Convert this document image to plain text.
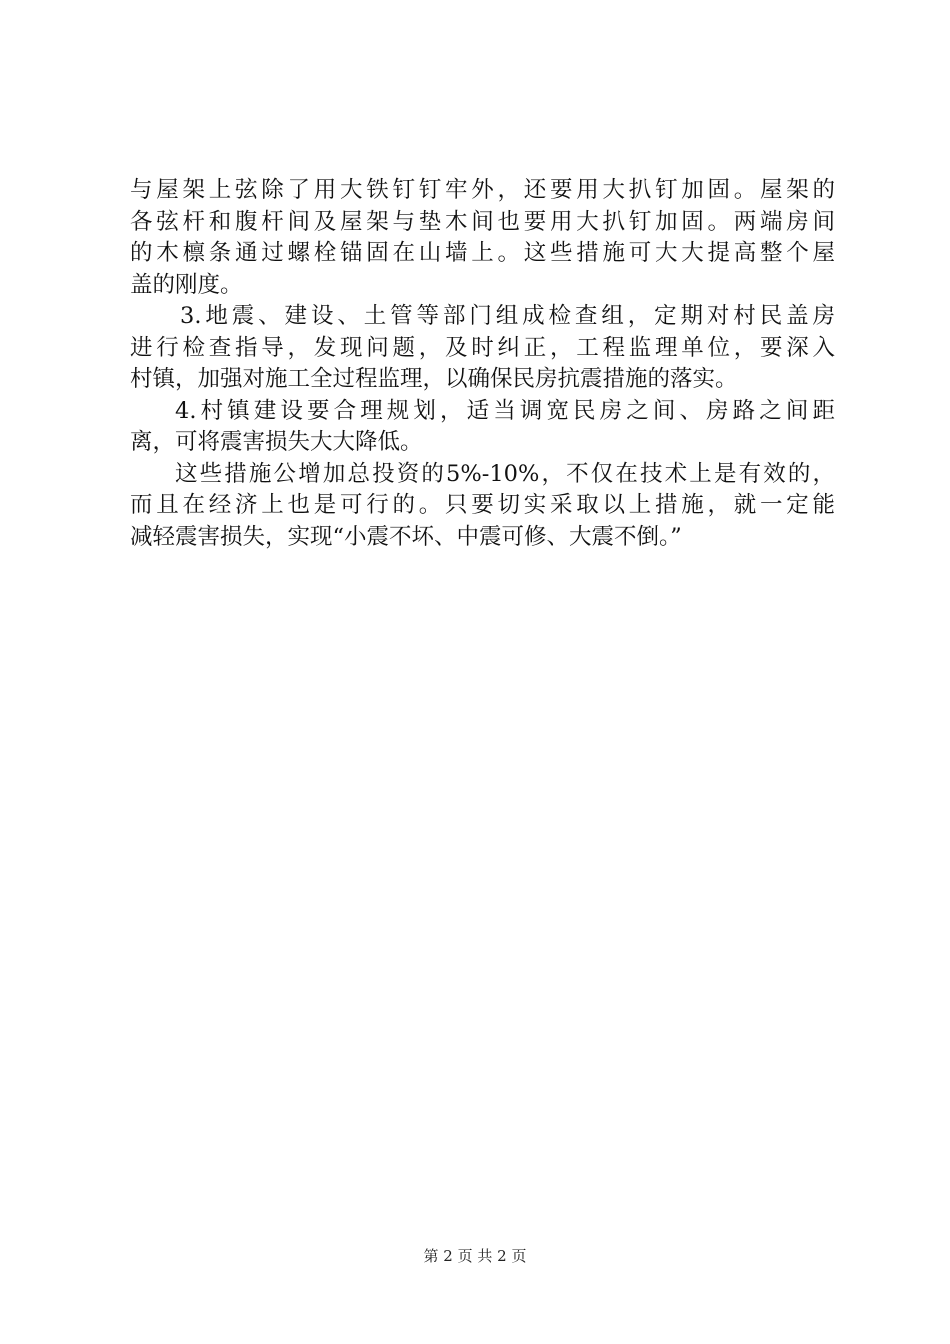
与屋架上弦除了用大铁钉钉牢外，还要用大扒钉加固。屋架的
各弦杆和腹杆间及屋架与垫木间也要用大扒钉加固。两端房间
的木檩条通过螺栓锚固在山墙上。这些措施可大大提高整个屋
盖的刚度。
3.地震、建设、土管等部门组成检查组，定期对村民盖房
进行检查指导，发现问题，及时纠正，工程监理单位，要深入
村镇，加强对施工全过程监理，以确保民房抗震措施的落实。
4.村镇建设要合理规划，适当调宽民房之间、房路之间距
离，可将震害损失大大降低。
这些措施公增加总投资的5%-10%，不仅在技术上是有效的，
而且在经济上也是可行的。只要切实采取以上措施，就一定能
减轻震害损失，实现“小震不坏、中震可修、大震不倒。”
第 2 页 共 2 页
